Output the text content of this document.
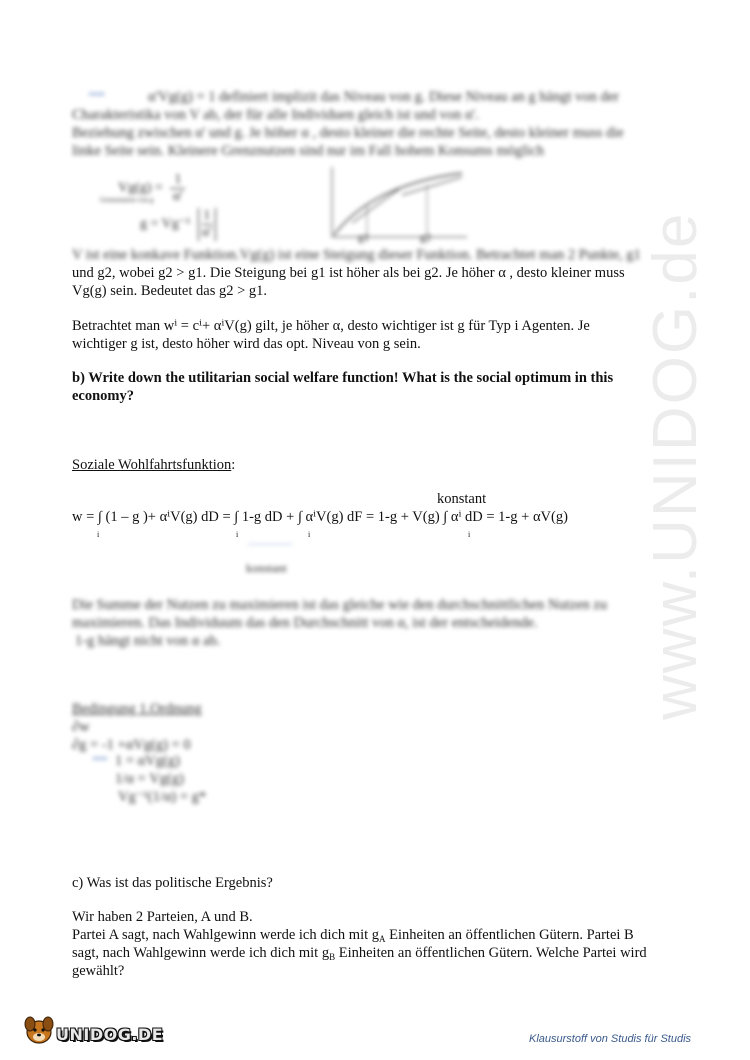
www.UNIDOG.de
⟹	α'Vg(g) = 1 definiert implizit das Niveau von g. Diese Niveau an g hängt von der
Charakteristika von V ab, der für alle Individuen gleich ist und von α'.
Beziehung zwischen α' und g. Je höher α , desto kleiner die rechte Seite, desto kleiner muss die
linke Seite sein. Kleinere Grenznutzen sind nur im Fall hohem Konsums möglich
$Vg(g) = \frac{1}{\alpha'}$
Grenznutzen von g
$g = Vg^{-1} \frac{1}{\alpha'}$	g1	g2
V ist eine konkave Funktion.Vg(g) ist eine Steigung dieser Funktion. Betrachtet man 2 Punkte, g1
und g2, wobei g2 > g1. Die Steigung bei g1 ist höher als bei g2. Je höher α , desto kleiner muss
Vg(g) sein. Bedeutet das g2 > g1.
Betrachtet man wⁱ = cⁱ+ αⁱV(g) gilt, je höher α, desto wichtiger ist g für Typ i Agenten. Je
wichtiger g ist, desto höher wird das opt. Niveau von g sein.
b) Write down the utilitarian social welfare function! What is the social optimum in this
economy?
Soziale Wohlfahrtsfunktion:
konstant
w = ∫ (1 – g )+ αⁱV(g) dD = ∫ 1-g dD + ∫ αⁱV(g) dF = 1-g + V(g) ∫ αⁱ dD = 1-g + αV(g)
i	i	i	i
――――
konstant
Die Summe der Nutzen zu maximieren ist das gleiche wie den durchschnittlichen Nutzen zu
maximieren. Das Individuum das den Durchschnitt von α, ist der entscheidende.
1-g hängt nicht von α ab.
Bedingung 1.Ordnung
∂w
∂g = -1 +αVg(g) = 0
⟹ 1 = αVg(g)
1/α = Vg(g)
Vg⁻¹(1/α) = g*
c) Was ist das politische Ergebnis?
Wir haben 2 Parteien, A und B.
Partei A sagt, nach Wahlgewinn werde ich dich mit $g_A$ Einheiten an öffentlichen Gütern. Partei B
sagt, nach Wahlgewinn werde ich dich mit $g_B$ Einheiten an öffentlichen Gütern. Welche Partei wird
gewählt?
UNIDOG.DE	Klausurstoff von Studis für Studis
